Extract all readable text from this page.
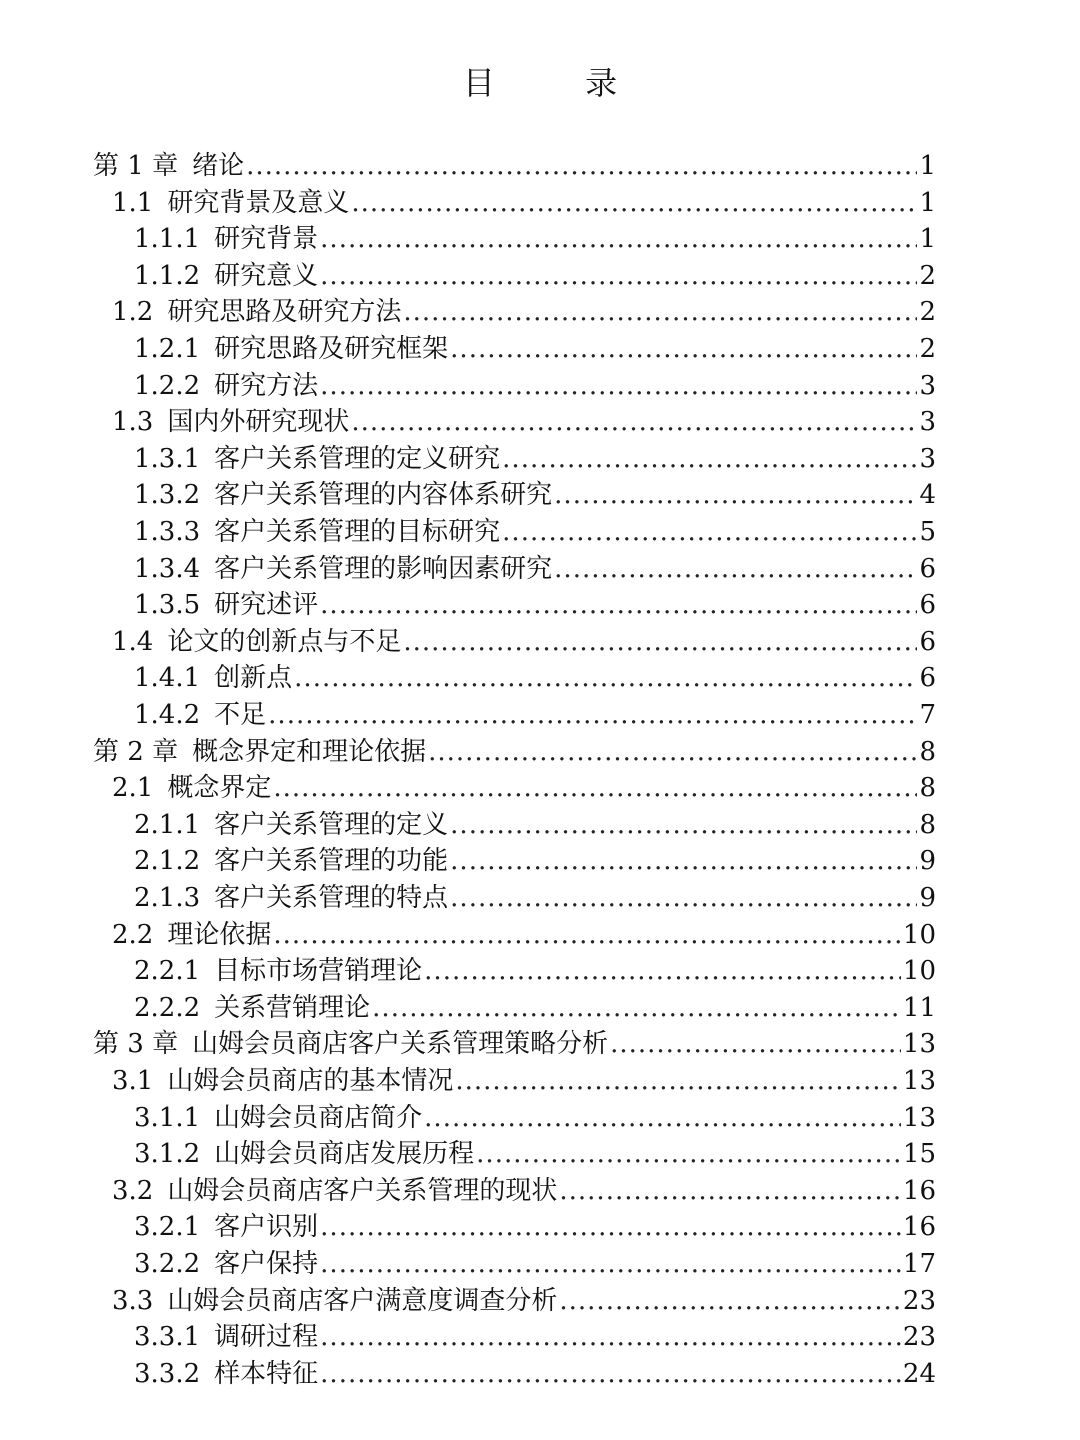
目 录
第 1 章 绪论 .....	1
1.1 研究背景及意义 .....	1
1.1.1 研究背景 .....	1
1.1.2 研究意义 .....	2
1.2 研究思路及研究方法 .....	2
1.2.1 研究思路及研究框架 .....	2
1.2.2 研究方法 .....	3
1.3 国内外研究现状 .....	3
1.3.1 客户关系管理的定义研究 .....	3
1.3.2 客户关系管理的内容体系研究 .....	4
1.3.3 客户关系管理的目标研究 .....	5
1.3.4 客户关系管理的影响因素研究 .....	6
1.3.5 研究述评 .....	6
1.4 论文的创新点与不足 .....	6
1.4.1 创新点 .....	6
1.4.2 不足 .....	7
第 2 章 概念界定和理论依据 .....	8
2.1 概念界定 .....	8
2.1.1 客户关系管理的定义 .....	8
2.1.2 客户关系管理的功能 .....	9
2.1.3 客户关系管理的特点 .....	9
2.2 理论依据 .....	10
2.2.1 目标市场营销理论 .....	10
2.2.2 关系营销理论 .....	11
第 3 章 山姆会员商店客户关系管理策略分析 .....	13
3.1 山姆会员商店的基本情况 .....	13
3.1.1 山姆会员商店简介 .....	13
3.1.2 山姆会员商店发展历程 .....	15
3.2 山姆会员商店客户关系管理的现状 .....	16
3.2.1 客户识别 .....	16
3.2.2 客户保持 .....	17
3.3 山姆会员商店客户满意度调查分析 .....	23
3.3.1 调研过程 .....	23
3.3.2 样本特征 .....	24
